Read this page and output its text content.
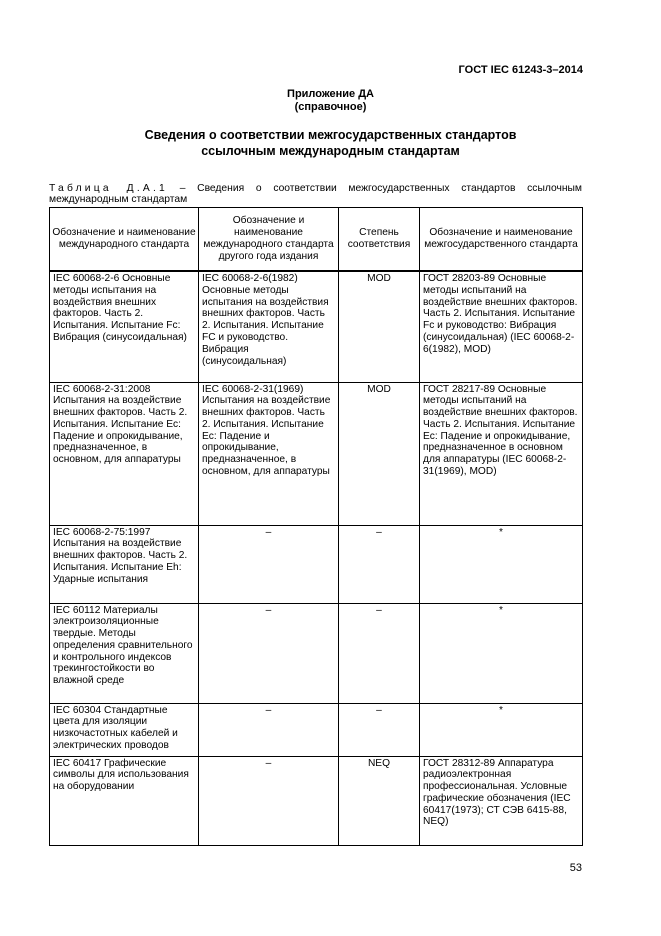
ГОСТ IEC 61243-3–2014
Приложение ДА
(справочное)
Сведения о соответствии межгосударственных стандартов
ссылочным международным стандартам
Таблица Д.А.1 – Сведения о соответствии межгосударственных стандартов ссылочным международным стандартам
Обозначение и наименование международного стандарта	Обозначение и наименование международного стандарта другого года издания	Степень соответствия	Обозначение и наименование межгосударственного стандарта
IEC 60068-2-6 Основные методы испытания на воздействия внешних факторов. Часть 2. Испытания. Испытание Fc: Вибрация (синусоидальная)	IEC 60068-2-6(1982) Основные методы испытания на воздействия внешних факторов. Часть 2. Испытания. Испытание FC и руководство. Вибрация (синусоидальная)	MOD	ГОСТ 28203-89 Основные методы испытаний на воздействие внешних факторов. Часть 2. Испытания. Испытание Fc и руководство: Вибрация (синусоидальная) (IEC 60068-2-6(1982), MOD)
IEC 60068-2-31:2008 Испытания на воздействие внешних факторов. Часть 2. Испытания. Испытание Ec: Падение и опрокидывание, предназначенное, в основном, для аппаратуры	IEC 60068-2-31(1969) Испытания на воздействие внешних факторов. Часть 2. Испытания. Испытание Ec: Падение и опрокидывание, предназначенное, в основном, для аппаратуры	MOD	ГОСТ 28217-89 Основные методы испытаний на воздействие внешних факторов. Часть 2. Испытания. Испытание Ec: Падение и опрокидывание, предназначенное в основном для аппаратуры (IEC 60068-2-31(1969), MOD)
IEC 60068-2-75:1997 Испытания на воздействие внешних факторов. Часть 2. Испытания. Испытание Eh: Ударные испытания	–	–	*
IEC 60112 Материалы электроизоляционные твердые. Методы определения сравнительного и контрольного индексов трекингостойкости во влажной среде	–	–	*
IEC 60304 Стандартные цвета для изоляции низкочастотных кабелей и электрических проводов	–	–	*
IEC 60417 Графические символы для использования на оборудовании	–	NEQ	ГОСТ 28312-89 Аппаратура радиоэлектронная профессиональная. Условные графические обозначения (IEC 60417(1973); СТ СЭВ 6415-88, NEQ)
53
